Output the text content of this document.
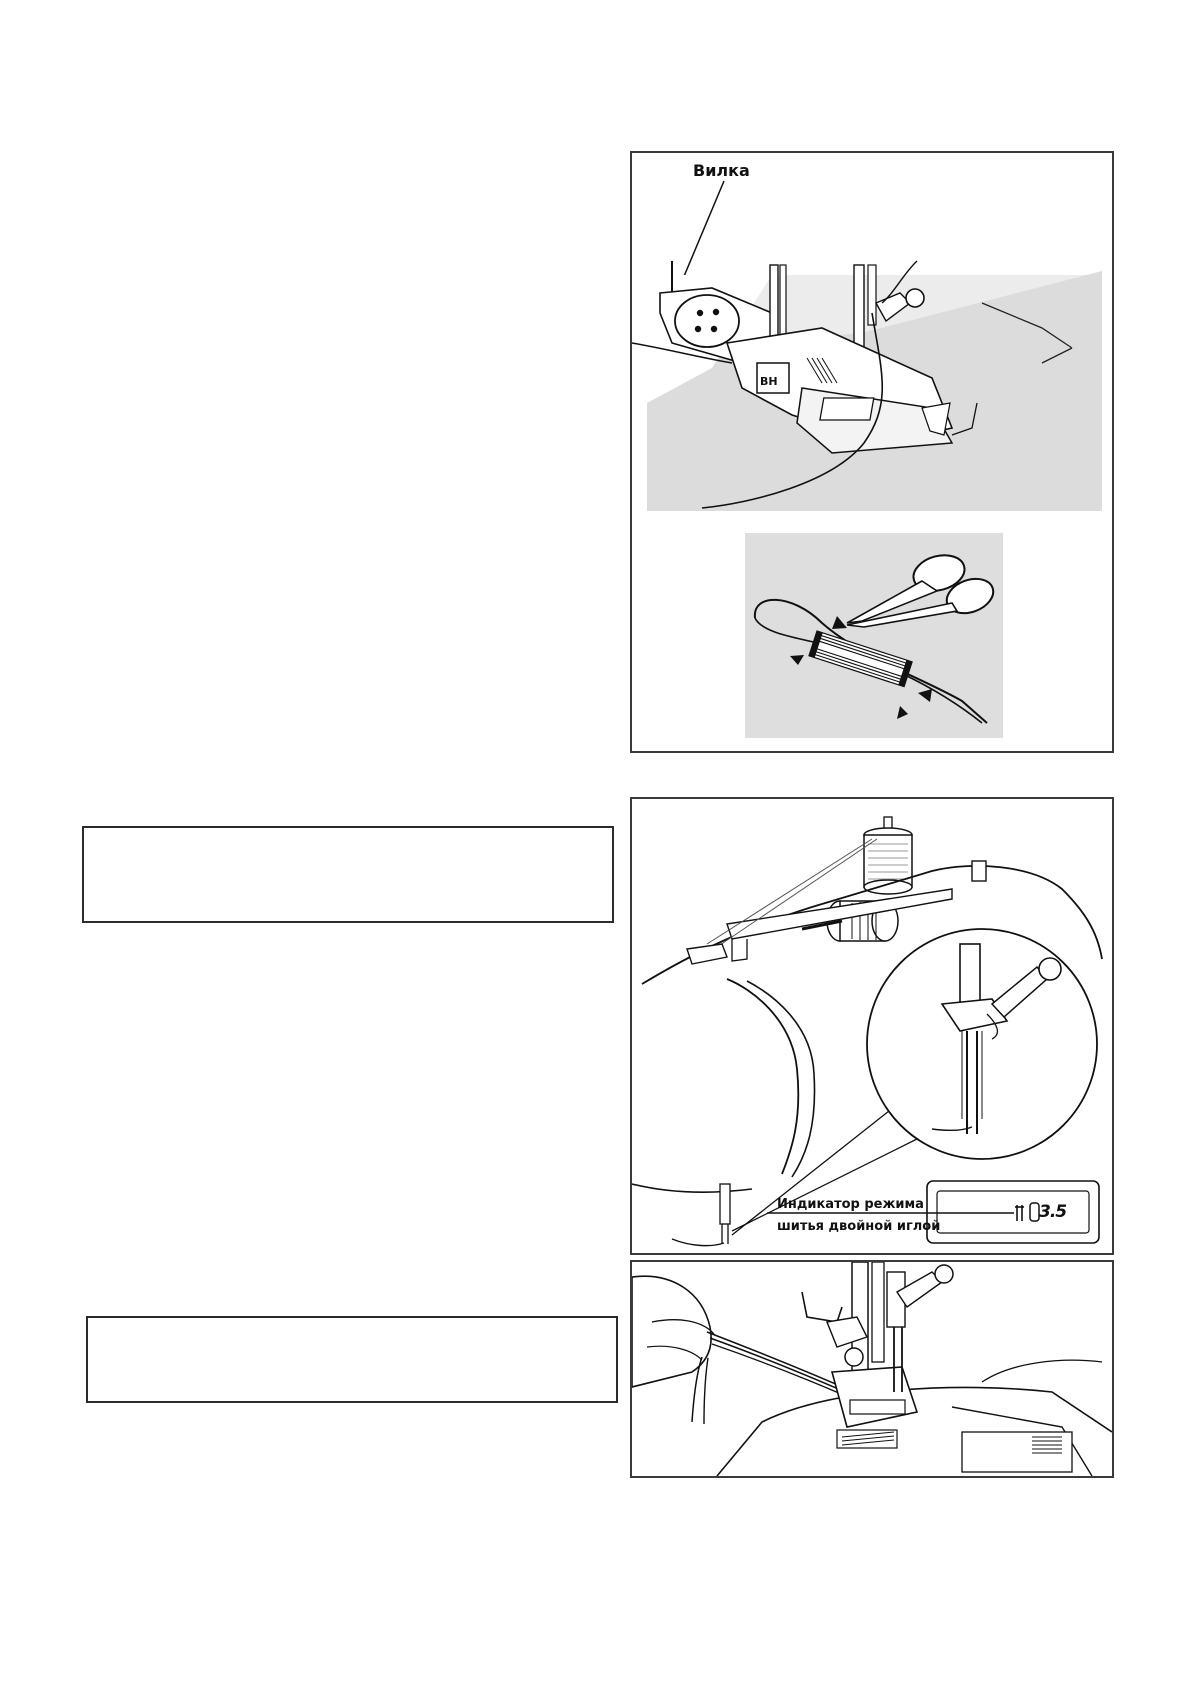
Вилка
BH
3.5
Индикатор режима
шитья двойной иглой
